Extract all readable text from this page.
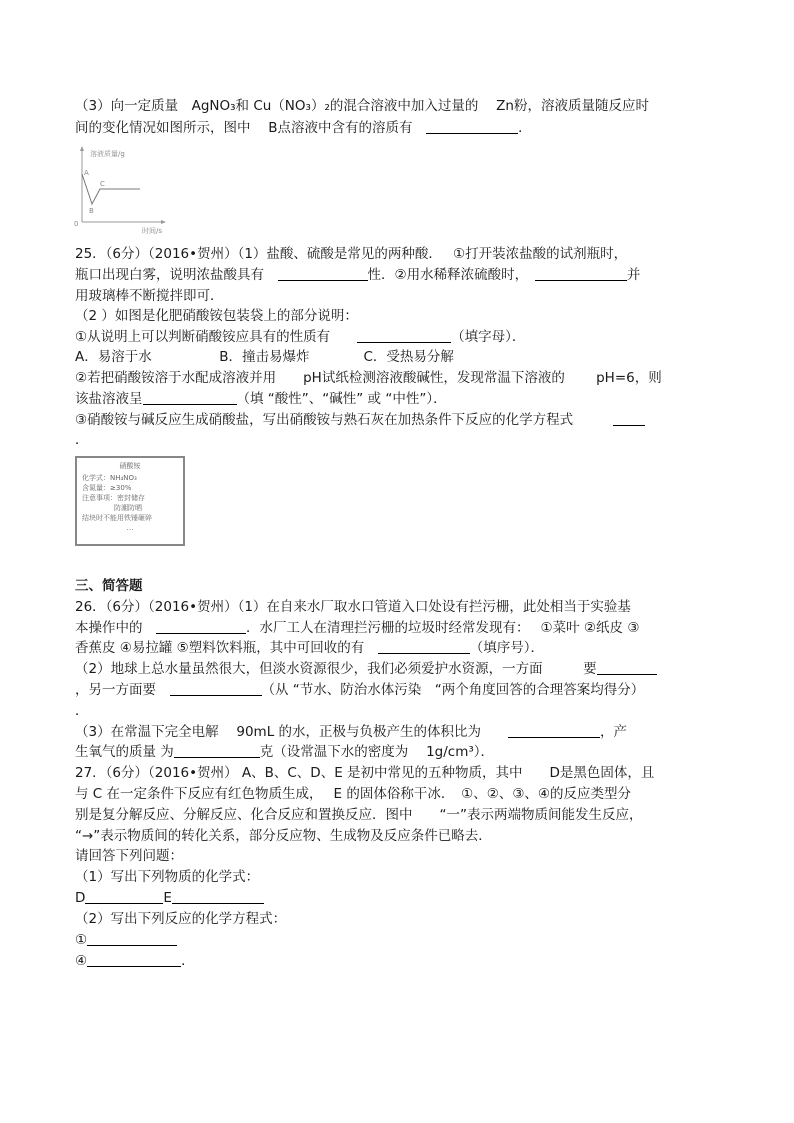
（3）向一定质量　AgNO₃和 Cu（NO₃）₂的混合溶液中加入过量的　 Zn粉，溶液质量随反应时
间的变化情况如图所示，图中　 B点溶液中含有的溶质有　	．
溶液质量/g
时间/s
0
A
B
C
25．（6分）（2016•贺州）（1）盐酸、硫酸是常见的两种酸．　 ①打开装浓盐酸的试剂瓶时，
瓶口出现白雾，说明浓盐酸具有　	性．②用水稀释浓硫酸时，　	并
用玻璃棒不断搅拌即可．
（2 ）如图是化肥硝酸铵包装袋上的部分说明：
①从说明上可以判断硝酸铵应具有的性质有　　	（填字母）．
A．易溶于水　　　　　B．撞击易爆炸　　　　C．受热易分解
②若把硝酸铵溶于水配成溶液并用　　pH试纸检测溶液酸碱性，发现常温下溶液的　　 pH=6，则
该盐溶液呈	（填 “酸性”、“碱性” 或 “中性”）．
③硝酸铵与碱反应生成硝酸盐，写出硝酸铵与熟石灰在加热条件下反应的化学方程式
．
硝酸铵
化学式：NH₄NO₃
含氮量：≥30%
注意事项：密封储存
防潮防晒
结块时不能用铁锤砸碎
…
三、简答题
26．（6分）（2016•贺州）（1）在自来水厂取水口管道入口处设有拦污栅，此处相当于实验基
本操作中的　	．水厂工人在清理拦污栅的垃圾时经常发现有：　 ①菜叶 ②纸皮 ③
香蕉皮 ④易拉罐 ⑤塑料饮料瓶，其中可回收的有　	（填序号）．
（2）地球上总水量虽然很大，但淡水资源很少，我们必须爱护水资源，一方面　　　要
，另一方面要　	（从 “节水、防治水体污染　“两个角度回答的合理答案均得分）
．
（3）在常温下完全电解　 90mL 的水，正极与负极产生的体积比为　　	，产
生氧气的质量 为	克（设常温下水的密度为　 1g/cm³）．
27．（6分）（2016•贺州） A、B、C、D、E 是初中常见的五种物质，其中　　D是黑色固体，且
与 C 在一定条件下反应有红色物质生成，　 E 的固体俗称干冰．　①、②、③、④的反应类型分
别是复分解反应、分解反应、化合反应和置换反应．图中　　“一”表示两端物质间能发生反应，
“→”表示物质间的转化关系，部分反应物、生成物及反应条件已略去．
请回答下列问题：
（1）写出下列物质的化学式：
D	E
（2）写出下列反应的化学方程式：
①
④	．
